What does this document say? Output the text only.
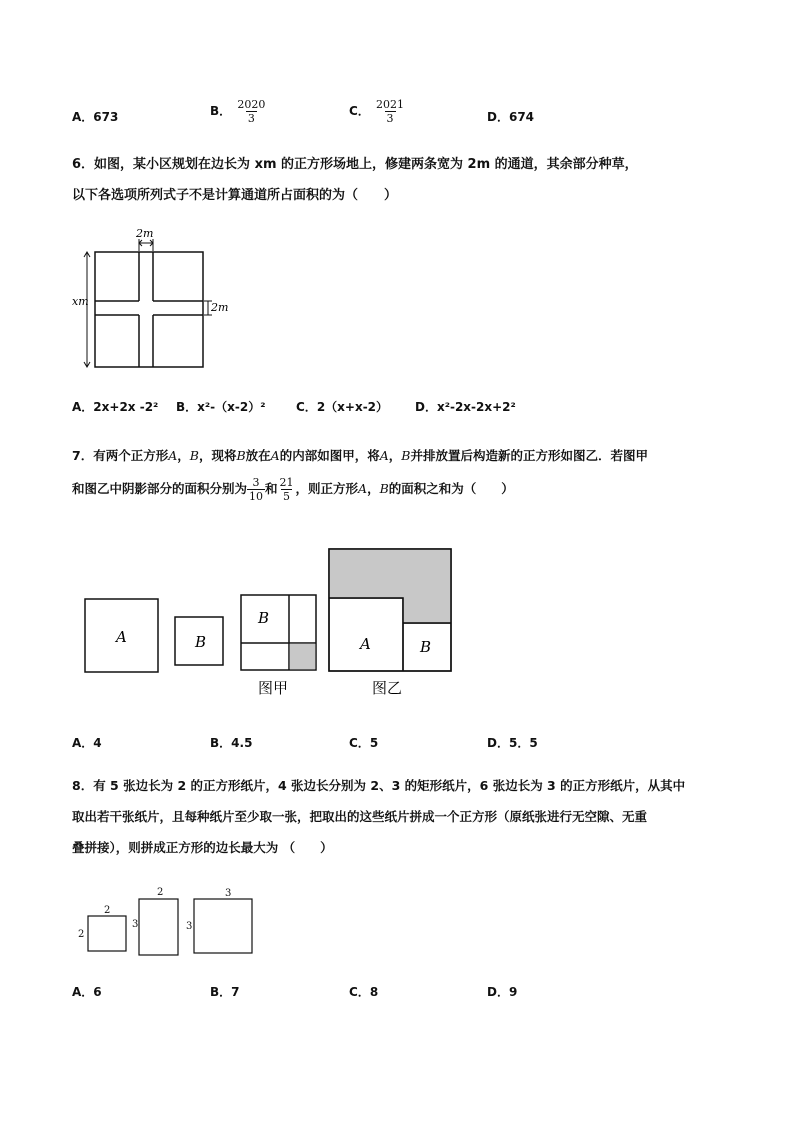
A．673	B． $\frac{2020}{3}$	C． $\frac{2021}{3}$	D．674
6．如图，某小区规划在边长为 xm 的正方形场地上，修建两条宽为 2m 的通道，其余部分种草，
以下各选项所列式子不是计算通道所占面积的为（　　）
2m
xm	2m
A．2x+2x -2² B．x²-（x-2）²	C．2（x+x-2） D．x²-2x-2x+2²
7．有两个正方形A，B，现将B放在A的内部如图甲，将A，B并排放置后构造新的正方形如图乙．若图甲
和图乙中阴影部分的面积分别为 $\frac{3}{10}$ 和 $\frac{21}{5}$ ，则正方形A，B的面积之和为（　　）
A	B
B
A	B
图甲	图乙
A．4	B．4.5	C．5	D．5．5
8．有 5 张边长为 2 的正方形纸片，4 张边长分别为 2、3 的矩形纸片，6 张边长为 3 的正方形纸片，从其中
取出若干张纸片，且每种纸片至少取一张，把取出的这些纸片拼成一个正方形（原纸张进行无空隙、无重
叠拼接），则拼成正方形的边长最大为 （　　）
2
2
2
3
3
3
A．6	B．7	C．8	D．9
